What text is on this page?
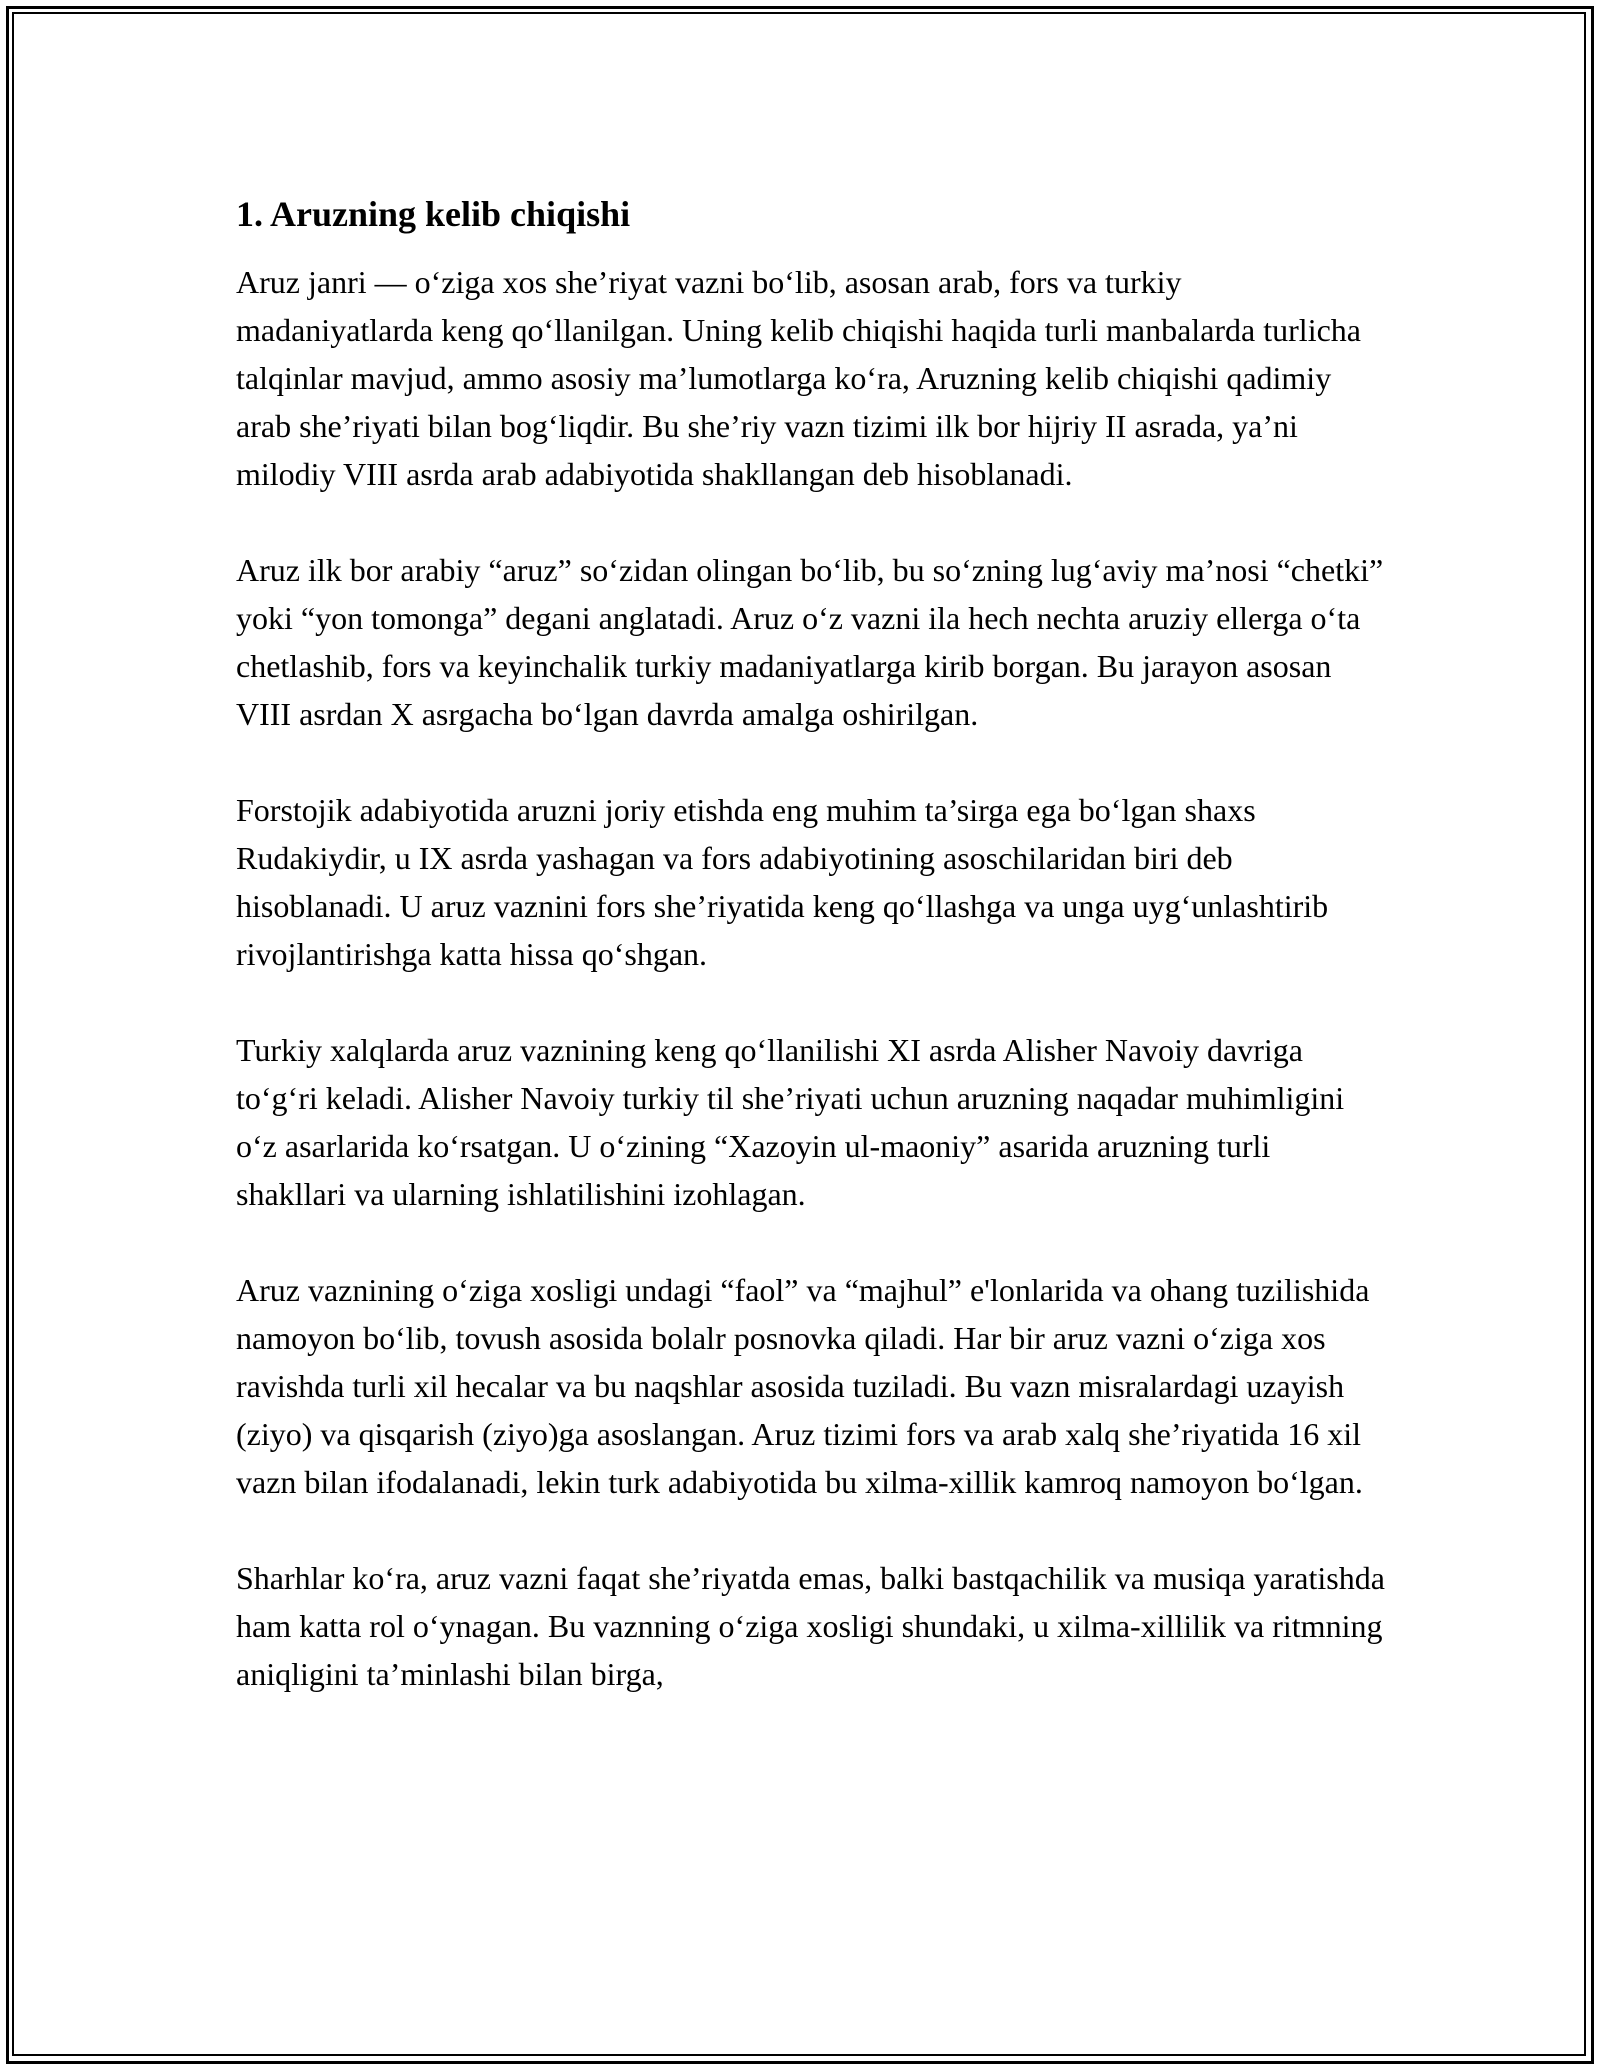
1. Aruzning kelib chiqishi

Aruz janri — o‘ziga xos she’riyat vazni bo‘lib, asosan arab, fors va turkiy madaniyatlarda keng qo‘llanilgan. Uning kelib chiqishi haqida turli manbalarda turlicha talqinlar mavjud, ammo asosiy ma’lumotlarga ko‘ra, Aruzning kelib chiqishi qadimiy arab she’riyati bilan bog‘liqdir. Bu she’riy vazn tizimi ilk bor hijriy II asrada, ya’ni milodiy VIII asrda arab adabiyotida shakllangan deb hisoblanadi.

Aruz ilk bor arabiy “aruz” so‘zidan olingan bo‘lib, bu so‘zning lug‘aviy ma’nosi “chetki” yoki “yon tomonga” degani anglatadi. Aruz o‘z vazni ila hech nechta aruziy ellerga o‘ta chetlashib, fors va keyinchalik turkiy madaniyatlarga kirib borgan. Bu jarayon asosan VIII asrdan X asrgacha bo‘lgan davrda amalga oshirilgan.

Forstojik adabiyotida aruzni joriy etishda eng muhim ta’sirga ega bo‘lgan shaxs Rudakiydir, u IX asrda yashagan va fors adabiyotining asoschilaridan biri deb hisoblanadi. U aruz vaznini fors she’riyatida keng qo‘llashga va unga uyg‘unlashtirib rivojlantirishga katta hissa qo‘shgan.

Turkiy xalqlarda aruz vaznining keng qo‘llanilishi XI asrda Alisher Navoiy davriga to‘g‘ri keladi. Alisher Navoiy turkiy til she’riyati uchun aruzning naqadar muhimligini o‘z asarlarida ko‘rsatgan. U o‘zining “Xazoyin ul-maoniy” asarida aruzning turli shakllari va ularning ishlatilishini izohlagan.

Aruz vaznining o‘ziga xosligi undagi “faol” va “majhul” e'lonlarida va ohang tuzilishida namoyon bo‘lib, tovush asosida bolalr posnovka qiladi. Har bir aruz vazni o‘ziga xos ravishda turli xil hecalar va bu naqshlar asosida tuziladi. Bu vazn misralardagi uzayish (ziyo) va qisqarish (ziyo)ga asoslangan. Aruz tizimi fors va arab xalq she’riyatida 16 xil vazn bilan ifodalanadi, lekin turk adabiyotida bu xilma-xillik kamroq namoyon bo‘lgan.

Sharhlar ko‘ra, aruz vazni faqat she’riyatda emas, balki bastqachilik va musiqa yaratishda ham katta rol o‘ynagan. Bu vaznning o‘ziga xosligi shundaki, u xilma-xillilik va ritmning aniqligini ta’minlashi bilan birga,
